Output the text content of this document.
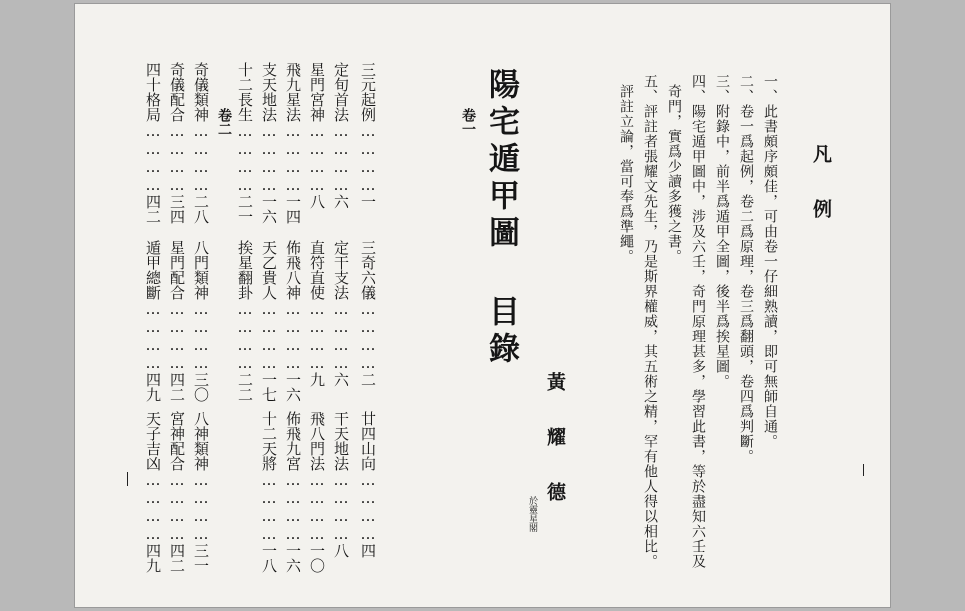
陽宅遁甲圖 目錄
卷一
卷二	三元起例…………一
三奇六儀…………二
廿四山向…………四
定旬首法…………六
定干支法…………六
干天地法…………八
星門宮神…………八
直符直使…………九
飛八門法…………一〇
飛九星法…………一四
佈飛八神…………一六
佈飛九宮…………一六
支天地法…………一六
天乙貴人…………一七
十二天將…………一八
十二長生…………二一
挨星翻卦…………二二
奇儀類神…………二八
八門類神…………三〇
八神類神…………三一
奇儀配合…………三四
星門配合…………四二
宮神配合…………四二
四十格局…………四二
遁甲總斷…………四九
天子吉凶…………四九
凡 例
一、此書頗序頗佳，可由卷一仔細熟讀，即可無師自通。
二、卷一爲起例，卷二爲原理，卷三爲翻頭，卷四爲判斷。
三、附錄中，前半爲遁甲全圖，後半爲挨星圖。
四、陽宅遁甲圖中，涉及六壬，奇門原理甚多，學習此書，等於盡知六壬及
奇門，實爲少讀多獲之書。
五、評註者張耀文先生，乃是斯界權威，其五術之精，罕有他人得以相比。
評註立論，當可奉爲準繩。
黃 耀 德
於靈星閣
